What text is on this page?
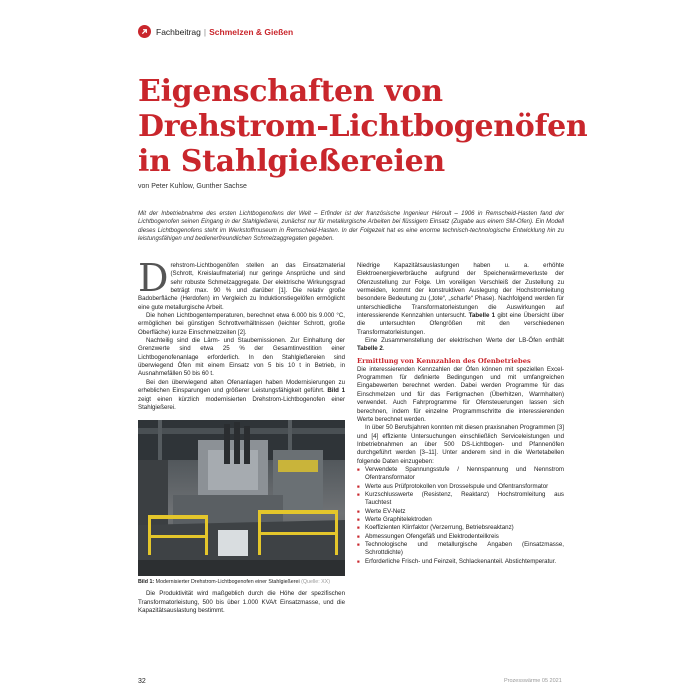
Fachbeitrag | Schmelzen & Gießen
Eigenschaften von
Drehstrom-Lichtbogenöfen
in Stahlgießereien
von Peter Kuhlow, Gunther Sachse

Mit der Inbetriebnahme des ersten Lichtbogenofens der Welt – Erfinder ist der französische Ingenieur Héroult – 1906 in Remscheid-Hasten fand der Lichtbogenofen seinen Eingang in der Stahlgießerei, zunächst nur für metallurgische Arbeiten bei flüssigem Einsatz (Zugabe aus einem SM-Ofen). Ein Modell dieses Lichtbogenofens steht im Werkstoffmuseum in Remscheid-Hasten. In der Folgezeit hat es eine enorme technisch-technologische Entwicklung hin zu leistungsfähigen und bedienerfreundlichen Schmelzaggregaten gegeben.

Drehstrom-Lichtbogenöfen stellen an das Einsatzmaterial (Schrott, Kreislaufmaterial) nur geringe Ansprüche und sind sehr robuste Schmelzaggregate. Der elektrische Wirkungsgrad beträgt max. 90 % und darüber [1]. Die relativ große Badoberfläche (Herdofen) im Vergleich zu Induktionstiegelöfen ermöglicht eine gute metallurgische Arbeit.

Die hohen Lichtbogentemperaturen, berechnet etwa 6.000 bis 9.000 °C, ermöglichen bei günstigen Schrottverhältnissen (leichter Schrott, große Oberfläche) kurze Einschmelzzeiten [2].

Nachteilig sind die Lärm- und Staubemissionen. Zur Einhaltung der Grenzwerte sind etwa 25 % der Gesamtinvestition einer Lichtbogenofenanlage erforderlich. In den Stahlgießereien sind überwiegend Öfen mit einem Einsatz von 5 bis 10 t in Betrieb, in Ausnahmefällen 50 bis 60 t.

Bei den überwiegend alten Ofenanlagen haben Modernisierungen zu erheblichen Einsparungen und größerer Leistungsfähigkeit geführt. Bild 1 zeigt einen kürzlich modernisierten Drehstrom-Lichtbogenofen einer Stahlgießerei.

Bild 1: Modernisierter Drehstrom-Lichtbogenofen einer Stahlgießerei (Quelle: XX)

Die Produktivität wird maßgeblich durch die Höhe der spezifischen Transformatorleistung, 500 bis über 1.000 KVA/t Einsatzmasse, und die Kapazitätsauslastung bestimmt.

Niedrige Kapazitätsauslastungen haben u. a. erhöhte Elektroenergieverbräuche aufgrund der Speicherwärmeverluste der Ofenzustellung zur Folge. Um voreiligen Verschleiß der Zustellung zu vermeiden, kommt der konstruktiven Auslegung der Hochstromleitung besondere Bedeutung zu („tote“, „scharfe“ Phase). Nachfolgend werden für unterschiedliche Transformatorleistungen die Auswirkungen auf interessierende Kennzahlen untersucht. Tabelle 1 gibt eine Übersicht über die untersuchten Ofengrößen mit den verschiedenen Transformatorleistungen.

Eine Zusammenstellung der elektrischen Werte der LB-Öfen enthält Tabelle 2.

Ermittlung von Kennzahlen des Ofenbetriebes

Die interessierenden Kennzahlen der Öfen können mit speziellen Excel-Programmen für definierte Bedingungen und mit umfangreichen Eingabewerten berechnet werden. Dabei werden Programme für das Einschmelzen und für das Fertigmachen (Überhitzen, Warmhalten) verwendet. Auch Fahrprogramme für Ofensteuerungen lassen sich berechnen, indem für einzelne Programmschritte die interessierenden Werte berechnet werden.

In über 50 Berufsjahren konnten mit diesen praxisnahen Programmen [3] und [4] effiziente Untersuchungen einschließlich Serviceleistungen und Inbetriebnahmen an über 500 DS-Lichtbogen- und Pfannenöfen durchgeführt werden [3–11]. Unter anderem sind in die Wertetabellen folgende Daten einzugeben:

■ Verwendete Spannungsstufe / Nennspannung und Nennstrom Ofentransformator
■ Werte aus Prüfprotokollen von Drosselspule und Ofentransformator
■ Kurzschlusswerte (Resistenz, Reaktanz) Hochstromleitung aus Tauchtest
■ Werte EV-Netz
■ Werte Graphitelektroden
■ Koeffizienten Klirrfaktor (Verzerrung, Betriebsreaktanz)
■ Abmessungen Ofengefäß und Elektrodenteilkreis
■ Technologische und metallurgische Angaben (Einsatzmasse, Schrottdichte)
■ Erforderliche Frisch- und Feinzeit, Schlackenanteil. Abstichtemperatur.
32	Prozesswärme 05 2021
